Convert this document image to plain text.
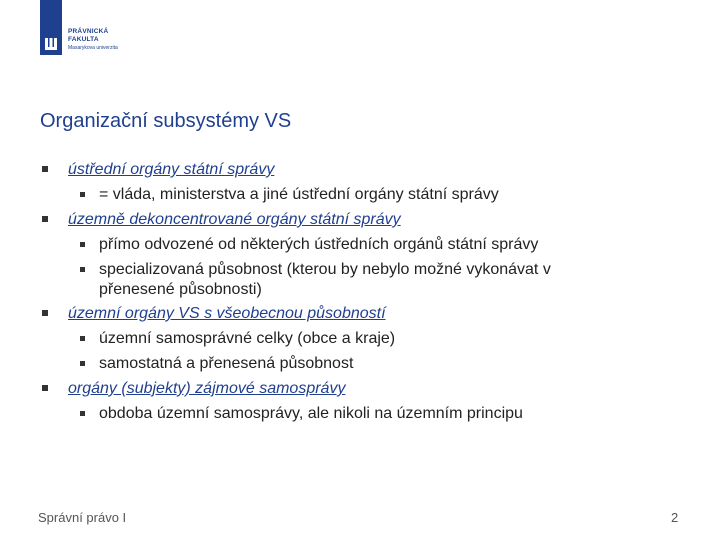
PRÁVNICKÁ
FAKULTA
Masarykova univerzita
Organizační subsystémy VS
ústřední orgány státní správy
= vláda, ministerstva a jiné ústřední orgány státní správy
územně dekoncentrované orgány státní správy
přímo odvozené od některých ústředních orgánů státní správy
specializovaná působnost (kterou by nebylo možné vykonávat v
přenesené působnosti)
územní orgány VS s všeobecnou působností
územní samosprávné celky (obce a kraje)
samostatná a přenesená působnost
orgány (subjekty) zájmové samosprávy
obdoba územní samosprávy, ale nikoli na územním principu
Správní právo I	2
